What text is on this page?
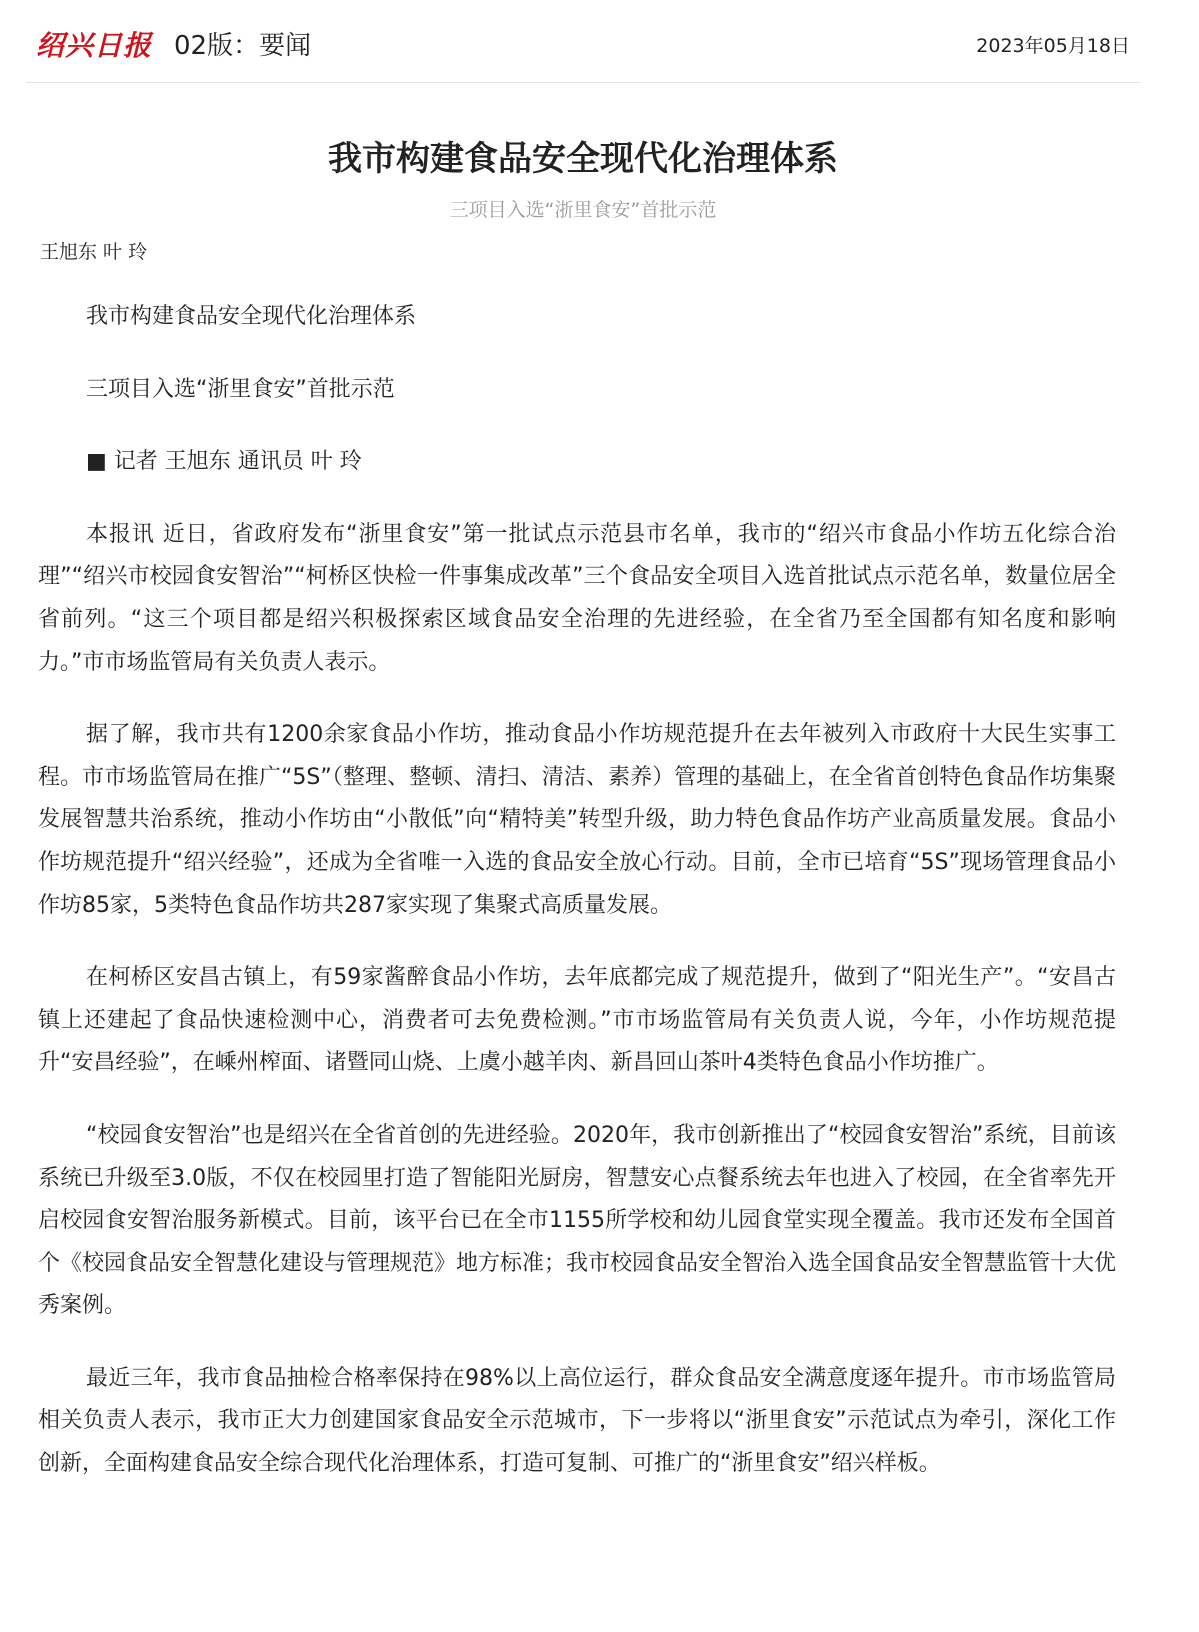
绍兴日报 02版：要闻	2023年05月18日
我市构建食品安全现代化治理体系
三项目入选“浙里食安”首批示范
王旭东 叶 玲

我市构建食品安全现代化治理体系

三项目入选“浙里食安”首批示范

■ 记者 王旭东 通讯员 叶 玲

本报讯 近日，省政府发布“浙里食安”第一批试点示范县市名单，我市的“绍兴市食品小作坊五化综合治理”“绍兴市校园食安智治”“柯桥区快检一件事集成改革”三个食品安全项目入选首批试点示范名单，数量位居全省前列。“这三个项目都是绍兴积极探索区域食品安全治理的先进经验，在全省乃至全国都有知名度和影响力。”市市场监管局有关负责人表示。

据了解，我市共有1200余家食品小作坊，推动食品小作坊规范提升在去年被列入市政府十大民生实事工程。市市场监管局在推广“5S”（整理、整顿、清扫、清洁、素养）管理的基础上，在全省首创特色食品作坊集聚发展智慧共治系统，推动小作坊由“小散低”向“精特美”转型升级，助力特色食品作坊产业高质量发展。食品小作坊规范提升“绍兴经验”，还成为全省唯一入选的食品安全放心行动。目前，全市已培育“5S”现场管理食品小作坊85家，5类特色食品作坊共287家实现了集聚式高质量发展。

在柯桥区安昌古镇上，有59家酱醉食品小作坊，去年底都完成了规范提升，做到了“阳光生产”。“安昌古镇上还建起了食品快速检测中心，消费者可去免费检测。”市市场监管局有关负责人说，今年，小作坊规范提升“安昌经验”，在嵊州榨面、诸暨同山烧、上虞小越羊肉、新昌回山茶叶4类特色食品小作坊推广。

“校园食安智治”也是绍兴在全省首创的先进经验。2020年，我市创新推出了“校园食安智治”系统，目前该系统已升级至3.0版，不仅在校园里打造了智能阳光厨房，智慧安心点餐系统去年也进入了校园，在全省率先开启校园食安智治服务新模式。目前，该平台已在全市1155所学校和幼儿园食堂实现全覆盖。我市还发布全国首个《校园食品安全智慧化建设与管理规范》地方标准；我市校园食品安全智治入选全国食品安全智慧监管十大优秀案例。

最近三年，我市食品抽检合格率保持在98%以上高位运行，群众食品安全满意度逐年提升。市市场监管局相关负责人表示，我市正大力创建国家食品安全示范城市，下一步将以“浙里食安”示范试点为牵引，深化工作创新，全面构建食品安全综合现代化治理体系，打造可复制、可推广的“浙里食安”绍兴样板。
